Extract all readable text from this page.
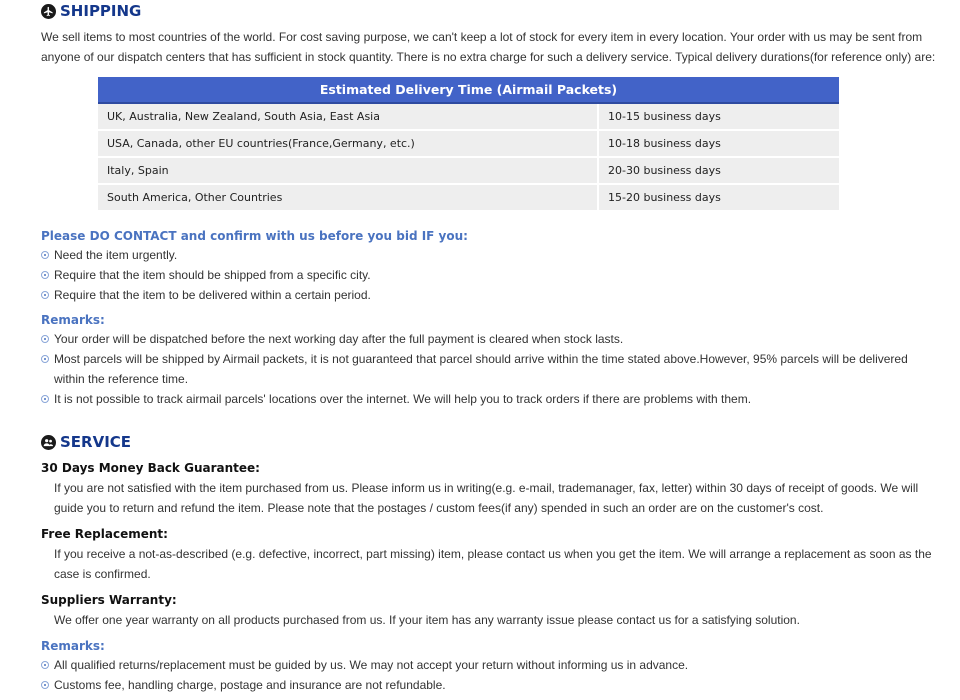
SHIPPING
We sell items to most countries of the world. For cost saving purpose, we can't keep a lot of stock for every item in every location. Your order with us may be sent from anyone of our dispatch centers that has sufficient in stock quantity. There is no extra charge for such a delivery service. Typical delivery durations(for reference only) are:
Estimated Delivery Time (Airmail Packets)	
UK, Australia, New Zealand, South Asia, East Asia	10-15 business days
USA, Canada, other EU countries(France,Germany, etc.)	10-18 business days
Italy, Spain	20-30 business days
South America, Other Countries	15-20 business days
Please DO CONTACT and confirm with us before you bid IF you:
Need the item urgently.
Require that the item should be shipped from a specific city.
Require that the item to be delivered within a certain period.
Remarks:
Your order will be dispatched before the next working day after the full payment is cleared when stock lasts.
Most parcels will be shipped by Airmail packets, it is not guaranteed that parcel should arrive within the time stated above.However, 95% parcels will be delivered within the reference time.
It is not possible to track airmail parcels' locations over the internet. We will help you to track orders if there are problems with them.
SERVICE
30 Days Money Back Guarantee:
If you are not satisfied with the item purchased from us. Please inform us in writing(e.g. e-mail, trademanager, fax, letter) within 30 days of receipt of goods. We will guide you to return and refund the item. Please note that the postages / custom fees(if any) spended in such an order are on the customer's cost.
Free Replacement:
If you receive a not-as-described (e.g. defective, incorrect, part missing) item, please contact us when you get the item. We will arrange a replacement as soon as the case is confirmed.
Suppliers Warranty:
We offer one year warranty on all products purchased from us. If your item has any warranty issue please contact us for a satisfying solution.
Remarks:
All qualified returns/replacement must be guided by us. We may not accept your return without informing us in advance.
Customs fee, handling charge, postage and insurance are not refundable.
